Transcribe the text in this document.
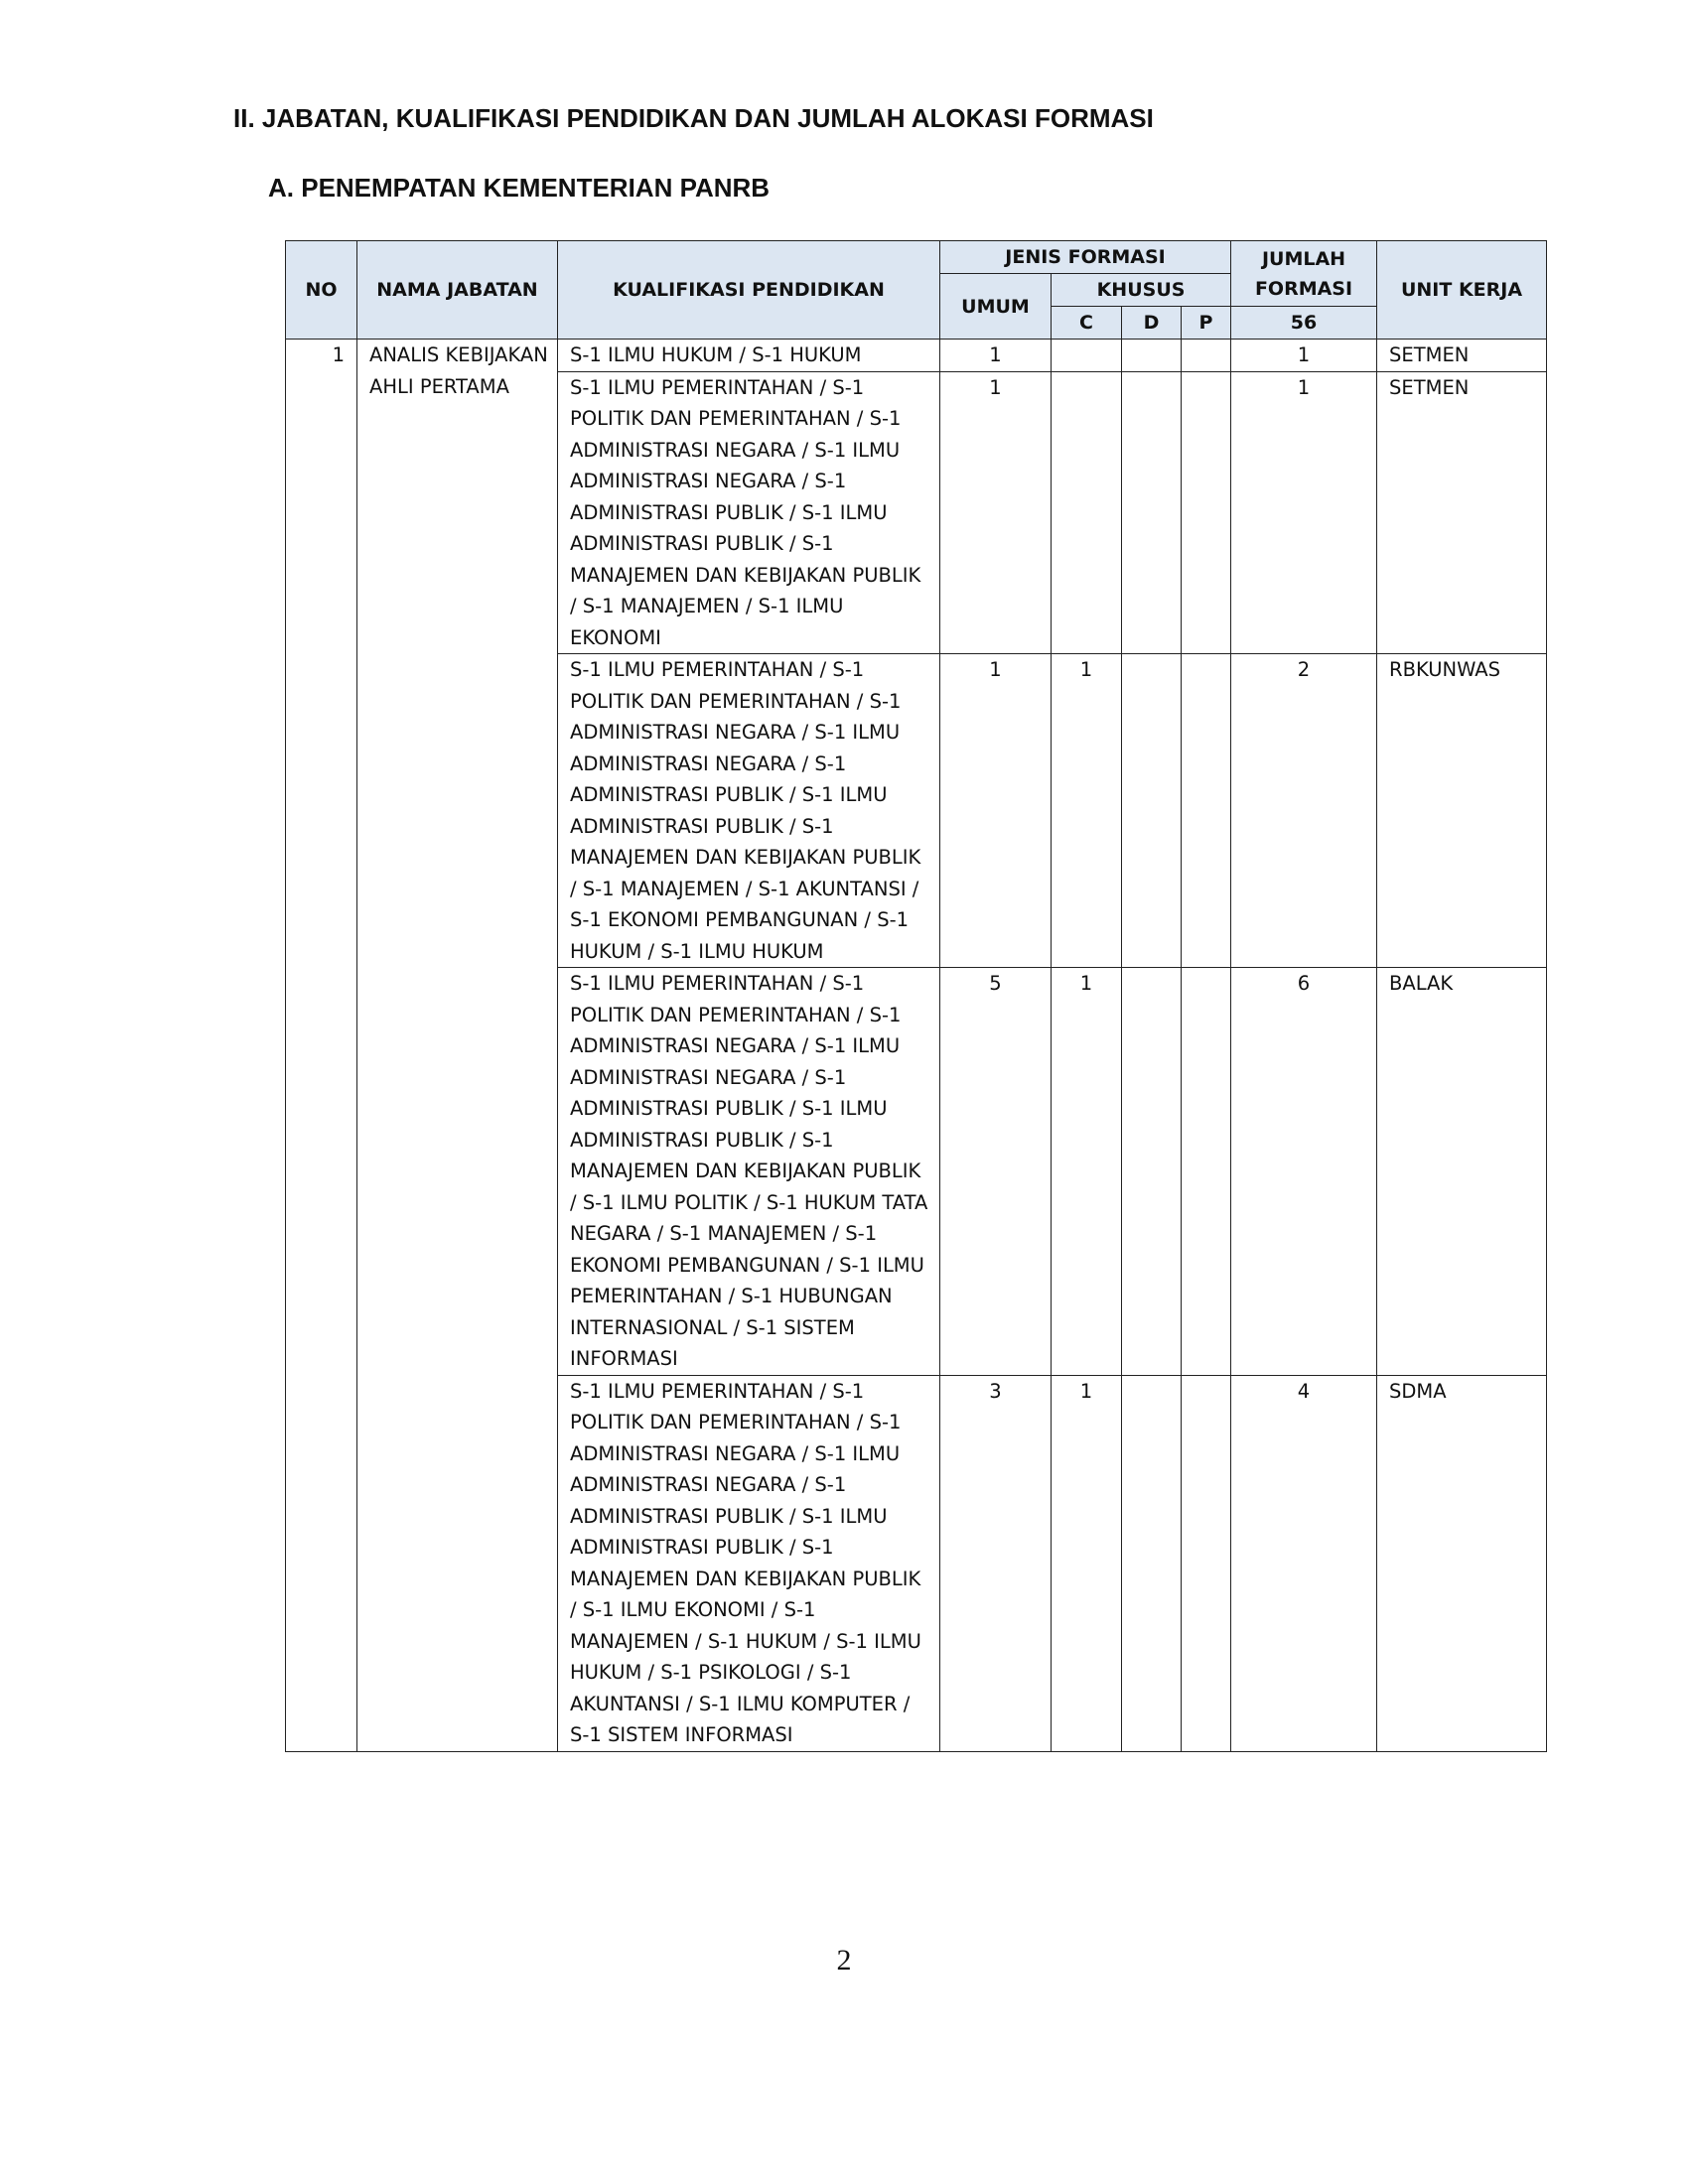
II. JABATAN, KUALIFIKASI PENDIDIKAN DAN JUMLAH ALOKASI FORMASI
A. PENEMPATAN KEMENTERIAN PANRB
NO	NAMA JABATAN	KUALIFIKASI PENDIDIKAN	JENIS FORMASI				JUMLAH FORMASI	UNIT KERJA
			UMUM	KHUSUS				
				C	D	P	56	
1	ANALIS KEBIJAKAN AHLI PERTAMA	S-1 ILMU HUKUM / S-1 HUKUM	1				1	SETMEN
		S-1 ILMU PEMERINTAHAN / S-1 POLITIK DAN PEMERINTAHAN / S-1 ADMINISTRASI NEGARA / S-1 ILMU ADMINISTRASI NEGARA / S-1 ADMINISTRASI PUBLIK / S-1 ILMU ADMINISTRASI PUBLIK / S-1 MANAJEMEN DAN KEBIJAKAN PUBLIK / S-1 MANAJEMEN / S-1 ILMU EKONOMI	1				1	SETMEN
		S-1 ILMU PEMERINTAHAN / S-1 POLITIK DAN PEMERINTAHAN / S-1 ADMINISTRASI NEGARA / S-1 ILMU ADMINISTRASI NEGARA / S-1 ADMINISTRASI PUBLIK / S-1 ILMU ADMINISTRASI PUBLIK / S-1 MANAJEMEN DAN KEBIJAKAN PUBLIK / S-1 MANAJEMEN / S-1 AKUNTANSI / S-1 EKONOMI PEMBANGUNAN / S-1 HUKUM / S-1 ILMU HUKUM	1	1			2	RBKUNWAS
		S-1 ILMU PEMERINTAHAN / S-1 POLITIK DAN PEMERINTAHAN / S-1 ADMINISTRASI NEGARA / S-1 ILMU ADMINISTRASI NEGARA / S-1 ADMINISTRASI PUBLIK / S-1 ILMU ADMINISTRASI PUBLIK / S-1 MANAJEMEN DAN KEBIJAKAN PUBLIK / S-1 ILMU POLITIK / S-1 HUKUM TATA NEGARA / S-1 MANAJEMEN / S-1 EKONOMI PEMBANGUNAN / S-1 ILMU PEMERINTAHAN / S-1 HUBUNGAN INTERNASIONAL / S-1 SISTEM INFORMASI	5	1			6	BALAK
		S-1 ILMU PEMERINTAHAN / S-1 POLITIK DAN PEMERINTAHAN / S-1 ADMINISTRASI NEGARA / S-1 ILMU ADMINISTRASI NEGARA / S-1 ADMINISTRASI PUBLIK / S-1 ILMU ADMINISTRASI PUBLIK / S-1 MANAJEMEN DAN KEBIJAKAN PUBLIK / S-1 ILMU EKONOMI / S-1 MANAJEMEN / S-1 HUKUM / S-1 ILMU HUKUM / S-1 PSIKOLOGI / S-1 AKUNTANSI / S-1 ILMU KOMPUTER / S-1 SISTEM INFORMASI	3	1			4	SDMA
2
